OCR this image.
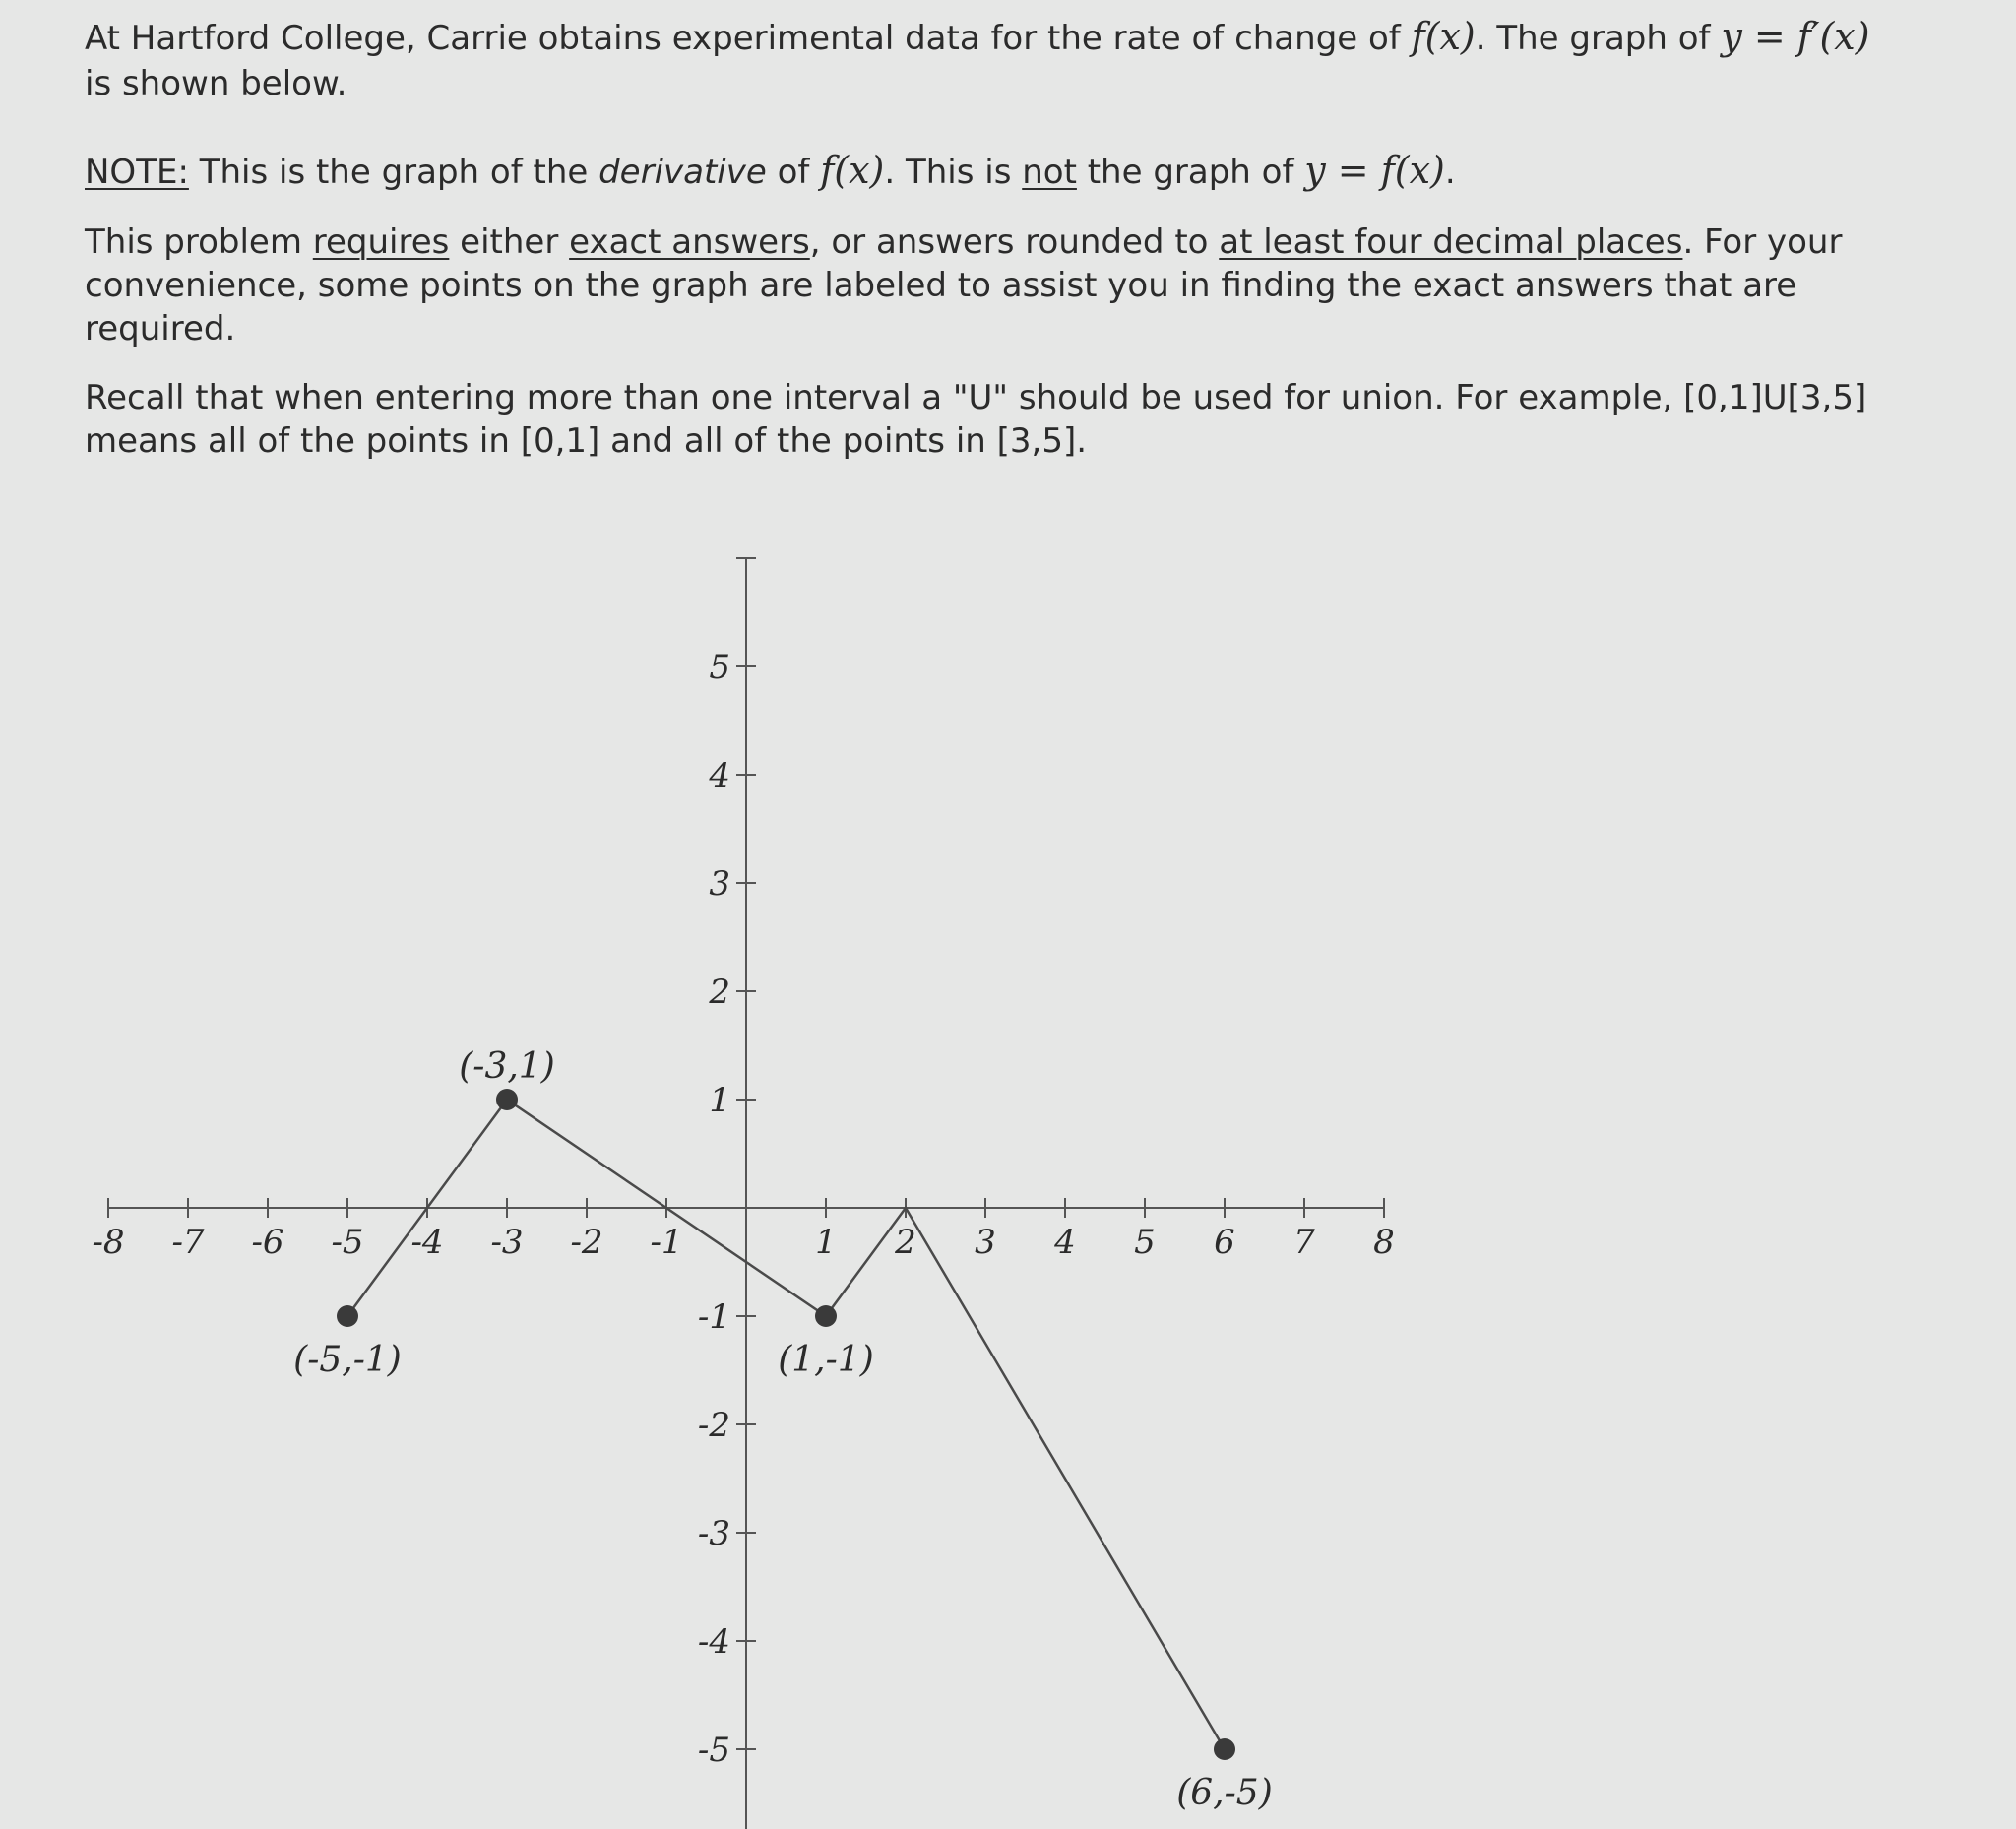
At Hartford College, Carrie obtains experimental data for the rate of change of f(x). The graph of y = f′(x) is shown below.
NOTE: This is the graph of the derivative of f(x). This is not the graph of y = f(x).
This problem requires either exact answers, or answers rounded to at least four decimal places. For your convenience, some points on the graph are labeled to assist you in finding the exact answers that are required.
Recall that when entering more than one interval a "U" should be used for union. For example, [0,1]U[3,5] means all of the points in [0,1] and all of the points in [3,5].
-8 -7 -6 -5 -4 -3 -2 -1	1 2 3 4 5 6 7 8
5
4
3
2
1
-1
-2
-3
-4
-5
(-5,-1)
(-3,1)
(1,-1)
(6,-5)
